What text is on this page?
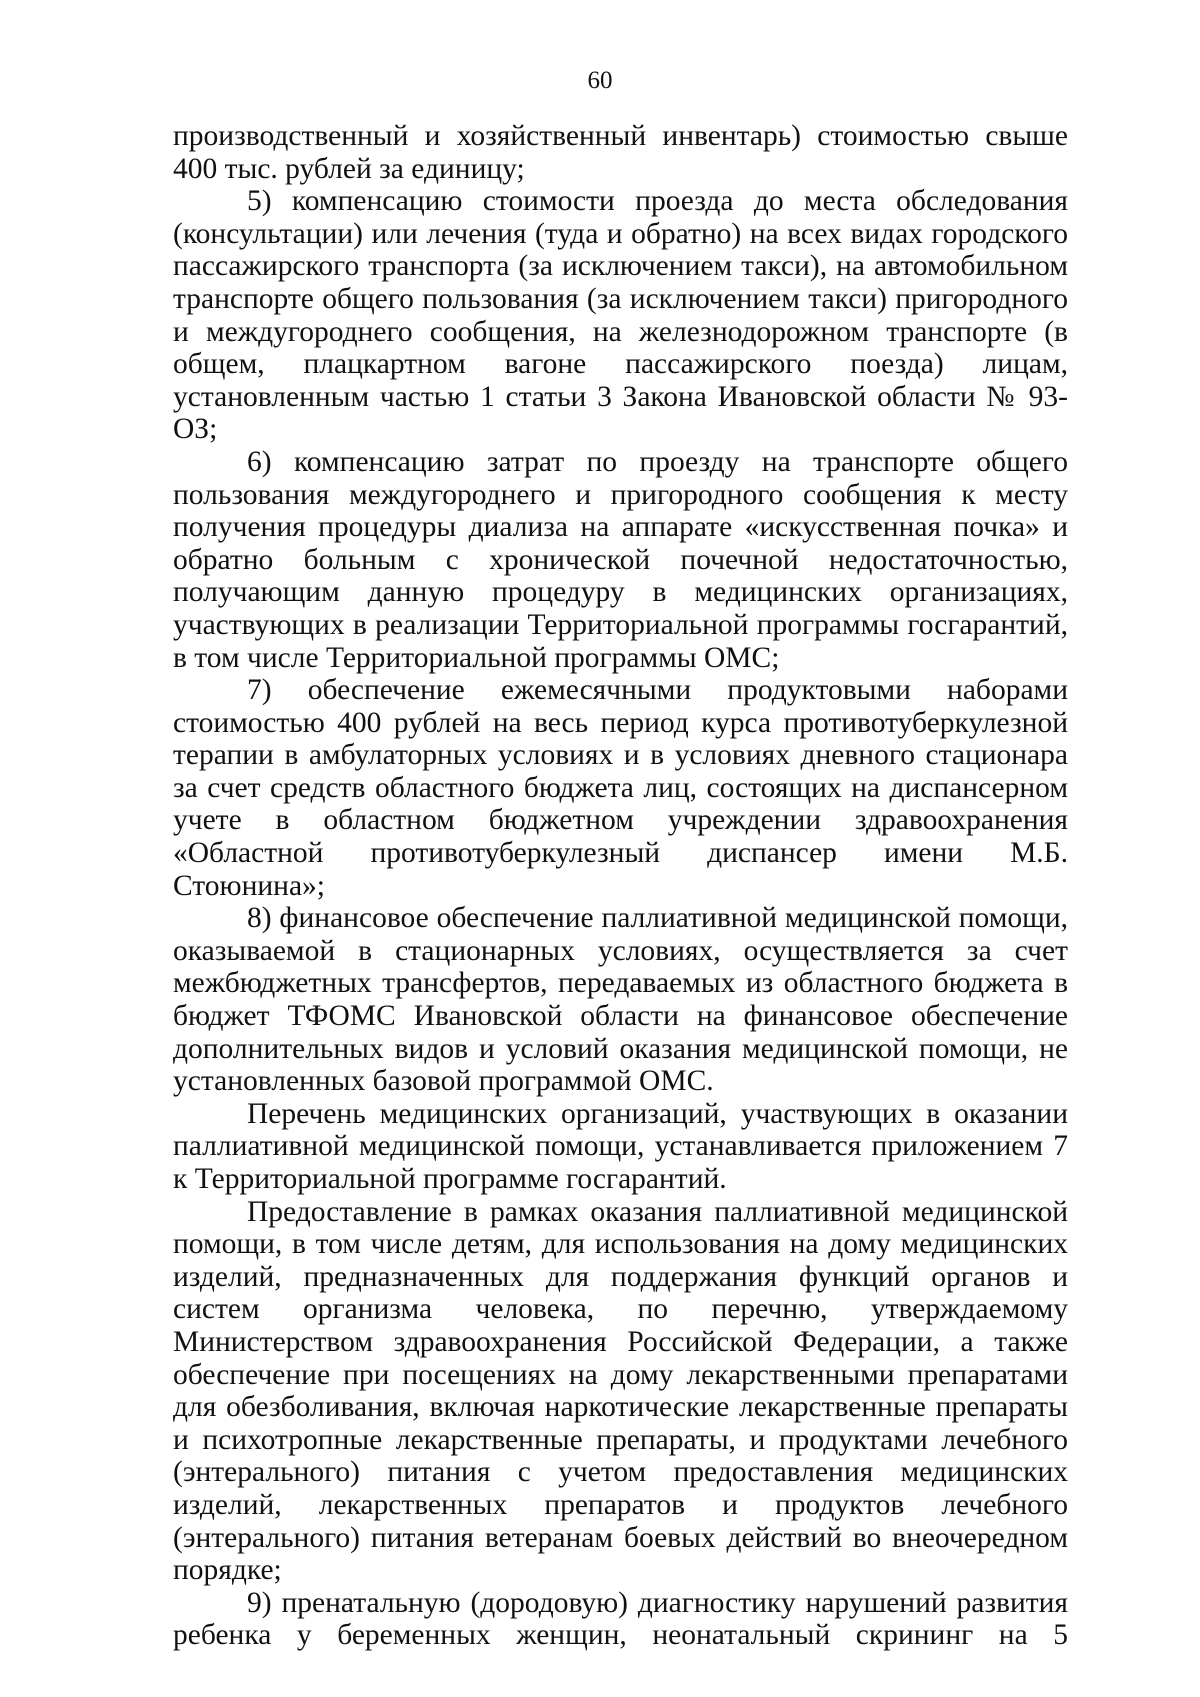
60

производственный и хозяйственный инвентарь) стоимостью свыше 400 тыс. рублей за единицу;

5) компенсацию стоимости проезда до места обследования (консультации) или лечения (туда и обратно) на всех видах городского пассажирского транспорта (за исключением такси), на автомобильном транспорте общего пользования (за исключением такси) пригородного и междугороднего сообщения, на железнодорожном транспорте (в общем, плацкартном вагоне пассажирского поезда) лицам, установленным частью 1 статьи 3 Закона Ивановской области № 93-ОЗ;

6) компенсацию затрат по проезду на транспорте общего пользования междугороднего и пригородного сообщения к месту получения процедуры диализа на аппарате «искусственная почка» и обратно больным с хронической почечной недостаточностью, получающим данную процедуру в медицинских организациях, участвующих в реализации Территориальной программы госгарантий, в том числе Территориальной программы ОМС;

7) обеспечение ежемесячными продуктовыми наборами стоимостью 400 рублей на весь период курса противотуберкулезной терапии в амбулаторных условиях и в условиях дневного стационара за счет средств областного бюджета лиц, состоящих на диспансерном учете в областном бюджетном учреждении здравоохранения «Областной противотуберкулезный диспансер имени М.Б. Стоюнина»;

8) финансовое обеспечение паллиативной медицинской помощи, оказываемой в стационарных условиях, осуществляется за счет межбюджетных трансфертов, передаваемых из областного бюджета в бюджет ТФОМС Ивановской области на финансовое обеспечение дополнительных видов и условий оказания медицинской помощи, не установленных базовой программой ОМС.

Перечень медицинских организаций, участвующих в оказании паллиативной медицинской помощи, устанавливается приложением 7 к Территориальной программе госгарантий.

Предоставление в рамках оказания паллиативной медицинской помощи, в том числе детям, для использования на дому медицинских изделий, предназначенных для поддержания функций органов и систем организма человека, по перечню, утверждаемому Министерством здравоохранения Российской Федерации, а также обеспечение при посещениях на дому лекарственными препаратами для обезболивания, включая наркотические лекарственные препараты и психотропные лекарственные препараты, и продуктами лечебного (энтерального) питания с учетом предоставления медицинских изделий, лекарственных препаратов и продуктов лечебного (энтерального) питания ветеранам боевых действий во внеочередном порядке;

9) пренатальную (дородовую) диагностику нарушений развития ребенка у беременных женщин, неонатальный скрининг на 5
